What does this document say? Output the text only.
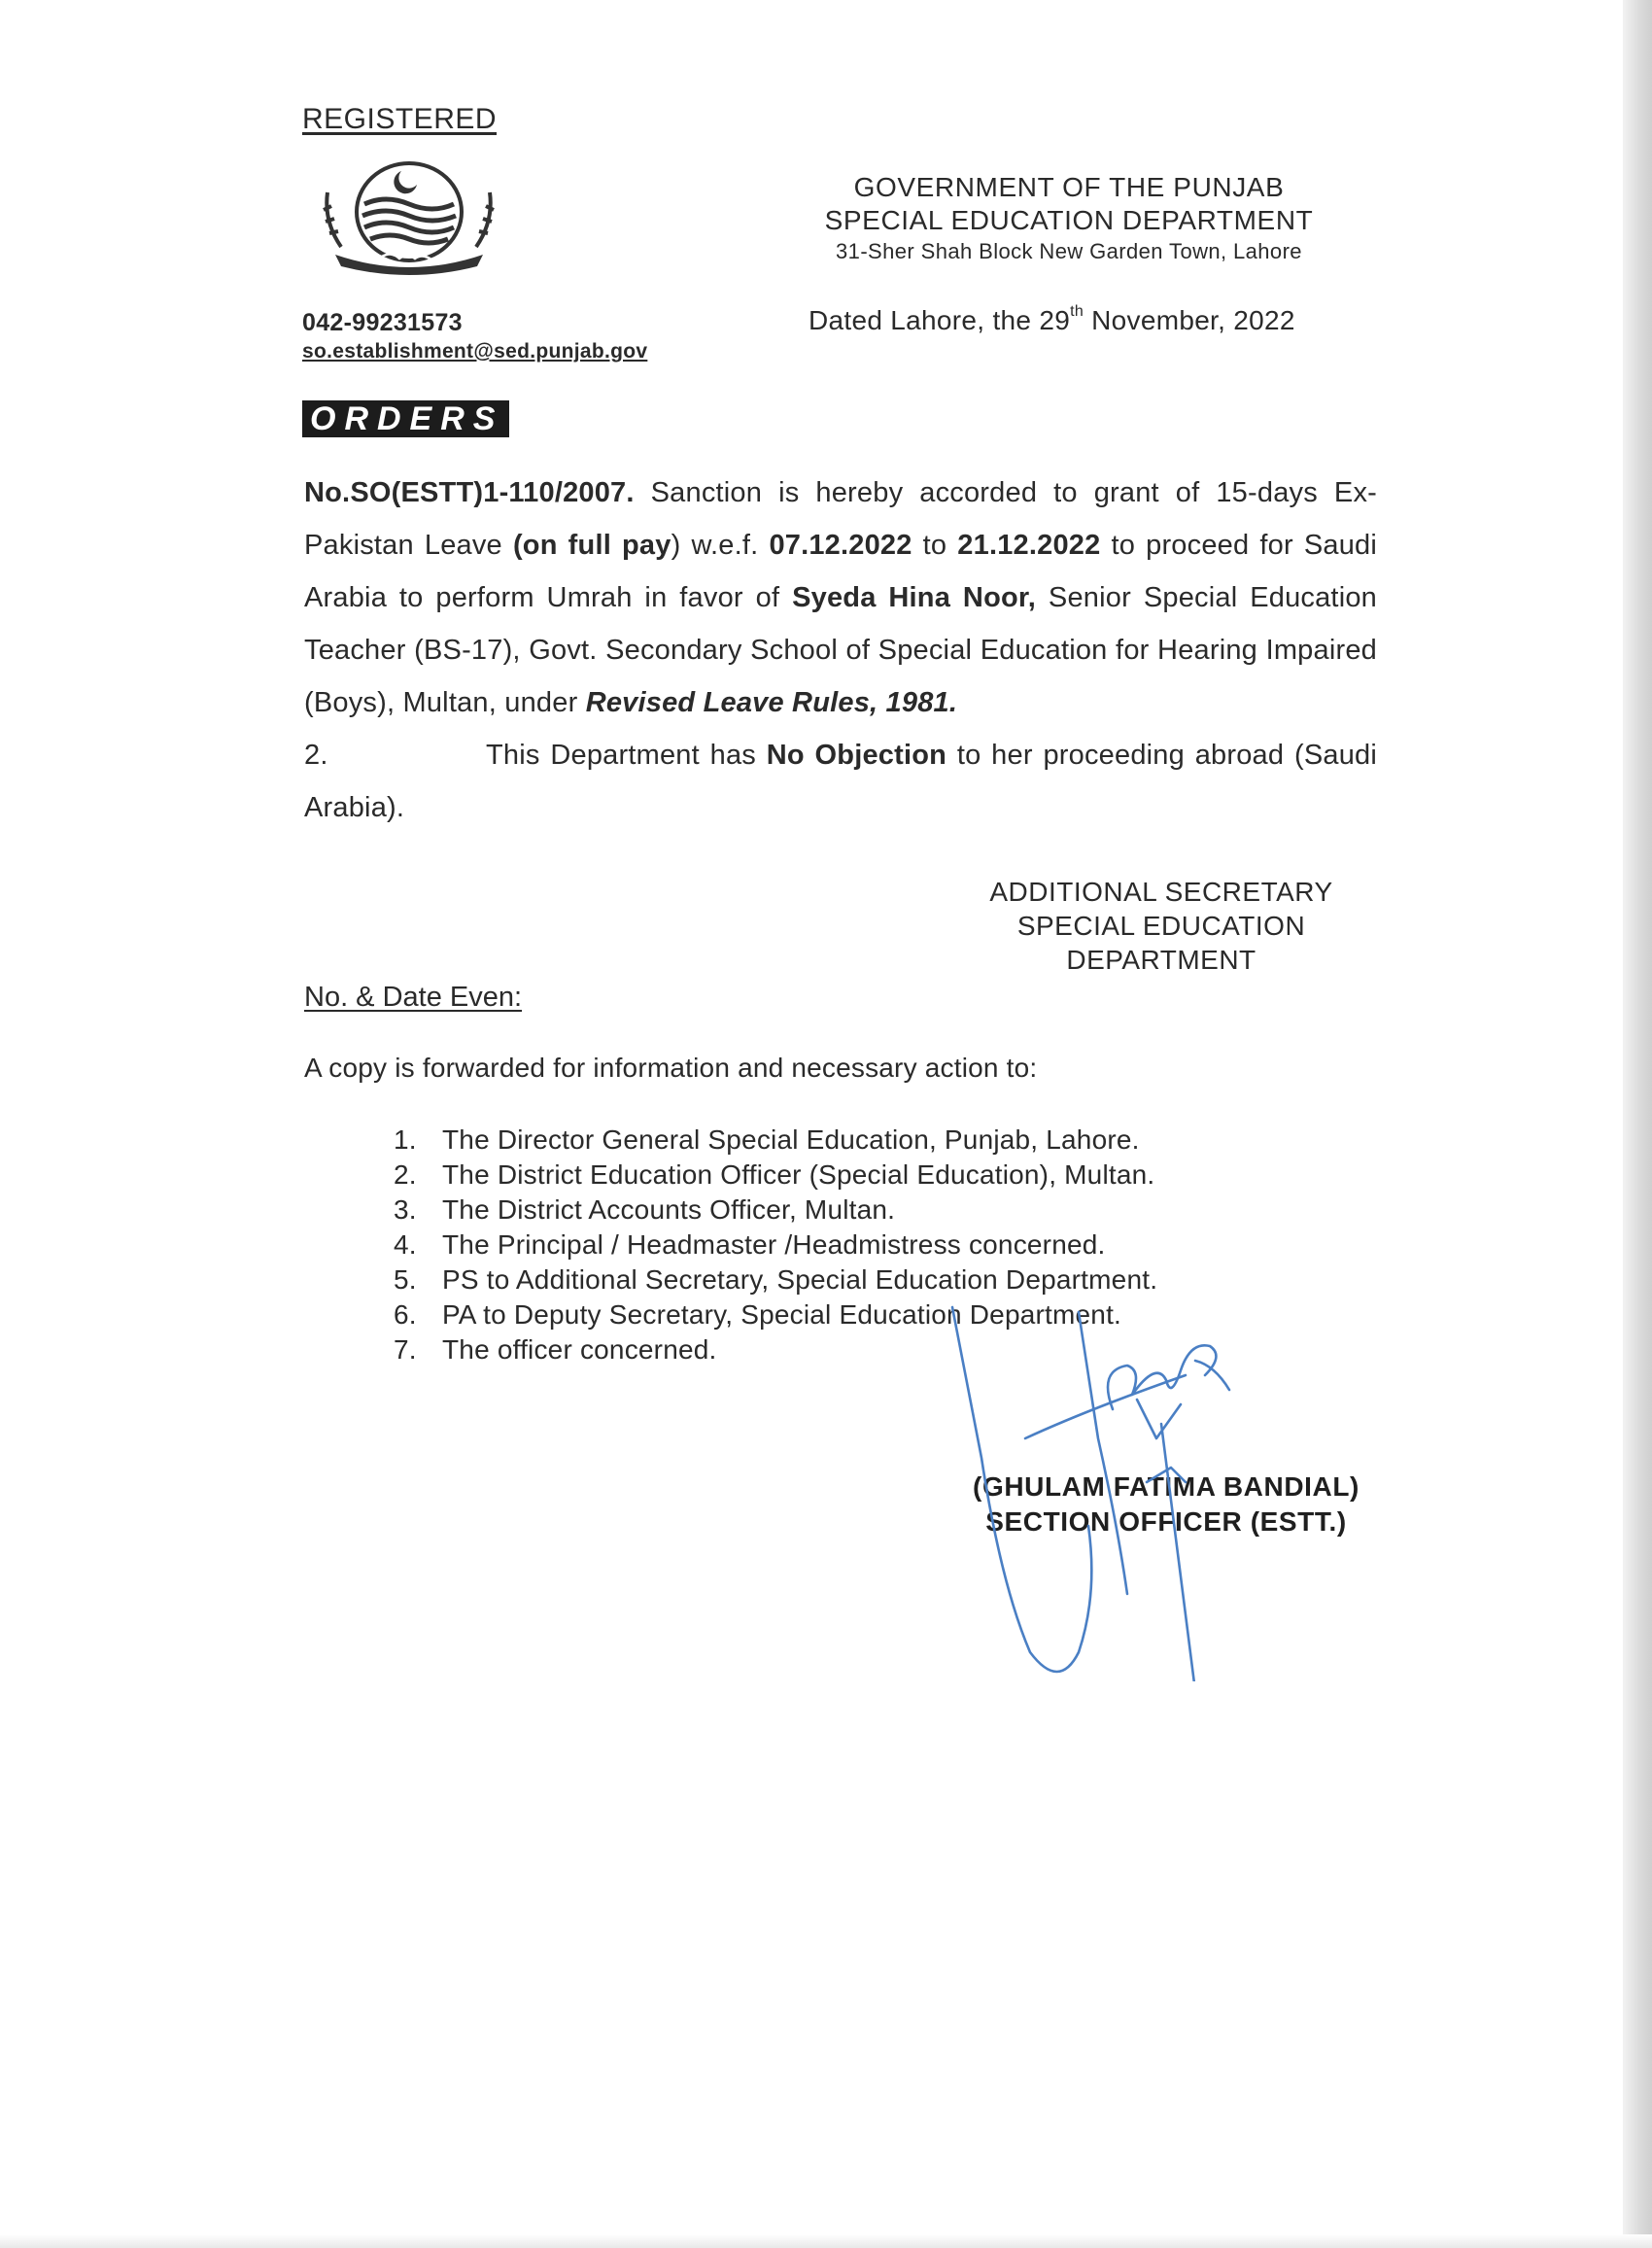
REGISTERED
042-99231573
so.establishment@sed.punjab.gov
GOVERNMENT OF THE PUNJAB
SPECIAL EDUCATION DEPARTMENT
31-Sher Shah Block New Garden Town, Lahore
Dated Lahore, the 29th November, 2022
ORDERS
No.SO(ESTT)1-110/2007. Sanction is hereby accorded to grant of 15-days Ex-Pakistan Leave (on full pay) w.e.f. 07.12.2022 to 21.12.2022 to proceed for Saudi Arabia to perform Umrah in favor of Syeda Hina Noor, Senior Special Education Teacher (BS-17), Govt. Secondary School of Special Education for Hearing Impaired (Boys), Multan, under Revised Leave Rules, 1981.
2.	This Department has No Objection to her proceeding abroad (Saudi Arabia).
ADDITIONAL SECRETARY
SPECIAL EDUCATION
DEPARTMENT
No. & Date Even:
A copy is forwarded for information and necessary action to:
1. The Director General Special Education, Punjab, Lahore.
2. The District Education Officer (Special Education), Multan.
3. The District Accounts Officer, Multan.
4. The Principal / Headmaster /Headmistress concerned.
5. PS to Additional Secretary, Special Education Department.
6. PA to Deputy Secretary, Special Education Department.
7. The officer concerned.
(GHULAM FATIMA BANDIAL)
SECTION OFFICER (ESTT.)
